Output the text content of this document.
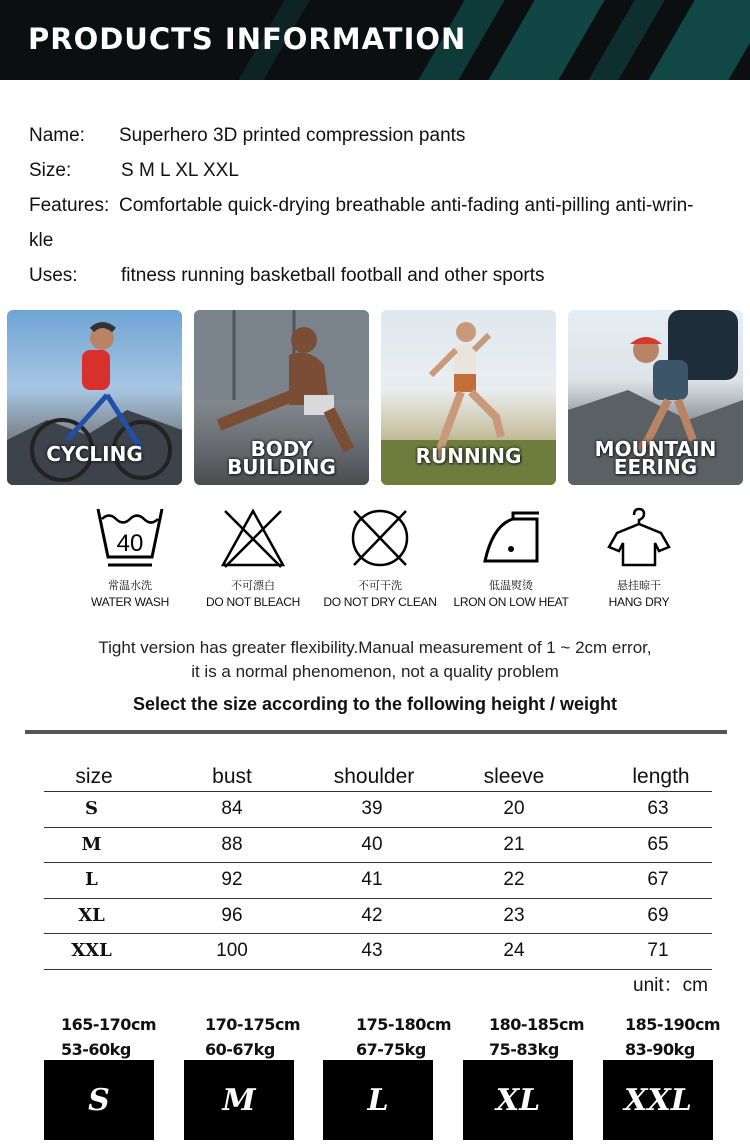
PRODUCTS INFORMATION
Name: Superhero 3D printed compression pants
Size:	S M L XL XXL
Features: Comfortable quick-drying breathable anti-fading anti-pilling anti-wrin-
kle
Uses: fitness running basketball football and other sports
CYCLING	BODY
BUILDING	RUNNING	MOUNTAIN
EERING
40
常温水洗
WATER WASH
不可漂白
DO NOT BLEACH
不可干洗
DO NOT DRY CLEAN
低温熨烫
LRON ON LOW HEAT
悬挂晾干
HANG DRY
Tight version has greater flexibility.Manual measurement of 1 ~ 2cm error,
it is a normal phenomenon, not a quality problem
Select the size according to the following height / weight
size	bust	shoulder	sleeve	length
S	84	39	20	63
M	88	40	21	65
L	92	41	22	67
XL	96	42	23	69
XXL	100	43	24	71
unit：cm
165-170cm
53-60kg
S
170-175cm
60-67kg
M
175-180cm
67-75kg
L
180-185cm
75-83kg
XL
185-190cm
83-90kg
XXL
